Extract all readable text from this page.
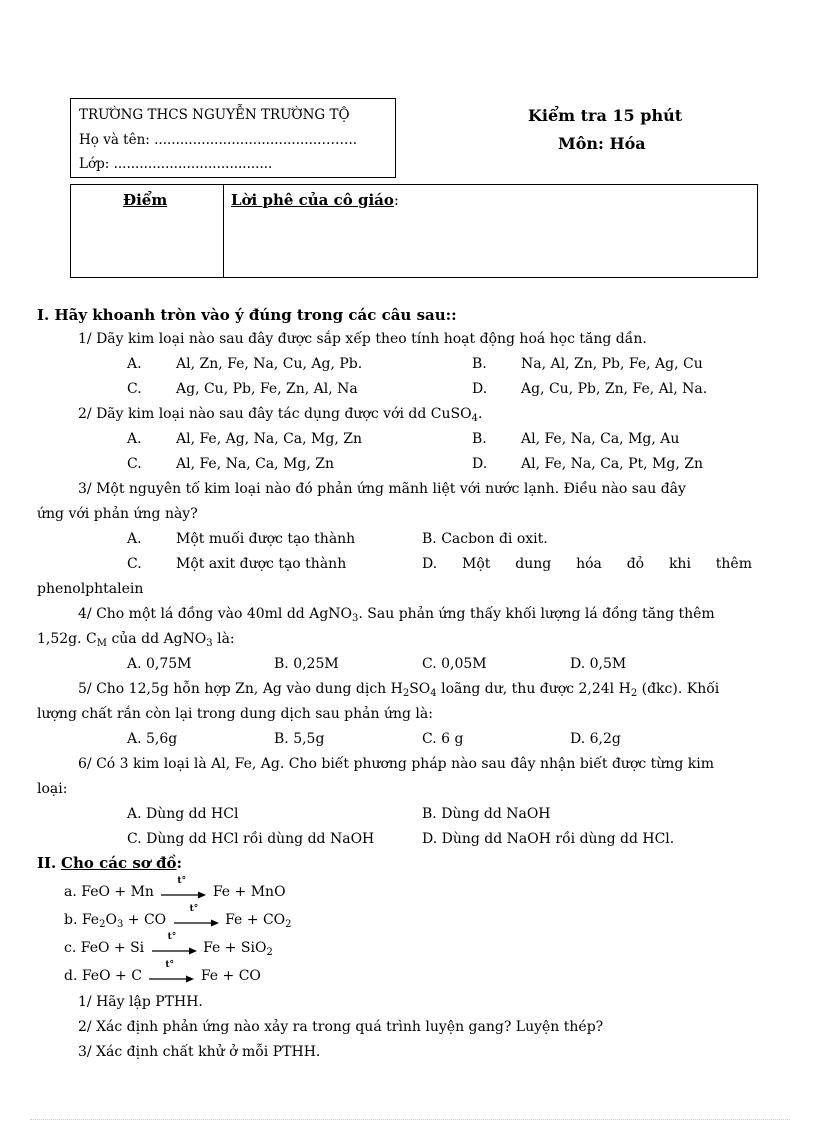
TRƯỜNG THCS NGUYỄN TRƯỜNG TỘ
Họ và tên: .......................................……..
Lớp: .....................................
Kiểm tra 15 phút
Môn: Hóa
Điểm	Lời phê của cô giáo:
I. Hãy khoanh tròn vào ý đúng trong các câu sau::
1/ Dãy kim loại nào sau đây được sắp xếp theo tính hoạt động hoá học tăng dần.
A. Al, Zn, Fe, Na, Cu, Ag, Pb.	B. Na, Al, Zn, Pb, Fe, Ag, Cu
C. Ag, Cu, Pb, Fe, Zn, Al, Na	D. Ag, Cu, Pb, Zn, Fe, Al, Na.
2/ Dãy kim loại nào sau đây tác dụng được với dd CuSO$_4$.
A. Al, Fe, Ag, Na, Ca, Mg, Zn	B. Al, Fe, Na, Ca, Mg, Au
C. Al, Fe, Na, Ca, Mg, Zn	D. Al, Fe, Na, Ca, Pt, Mg, Zn
3/ Một nguyên tố kim loại nào đó phản ứng mãnh liệt với nước lạnh. Điều nào sau đây
ứng với phản ứng này?
A. Một muối được tạo thành	B. Cacbon đi oxit.
C. Một axit được tạo thành	D. Một dung hóa đỏ khi thêm
phenolphtalein
4/ Cho một lá đồng vào 40ml dd AgNO$_3$. Sau phản ứng thấy khối lượng lá đồng tăng thêm
1,52g. $C_M$ của dd AgNO$_3$ là:
A. 0,75M	B. 0,25M	C. 0,05M	D. 0,5M
5/ Cho 12,5g hỗn hợp Zn, Ag vào dung dịch $H_2SO_4$ loãng dư, thu được 2,24l $H_2$ (đkc). Khối
lượng chất rắn còn lại trong dung dịch sau phản ứng là:
A. 5,6g	B. 5,5g	C. 6 g	D. 6,2g
6/ Có 3 kim loại là Al, Fe, Ag. Cho biết phương pháp nào sau đây nhận biết được từng kim
loại:
A. Dùng dd HCl	B. Dùng dd NaOH
C. Dùng dd HCl rồi dùng dd NaOH	D. Dùng dd NaOH rồi dùng dd HCl.
II. Cho các sơ đồ:
a. FeO + Mn
t°
Fe + MnO
b. $Fe_2O_3$ + CO
t°
$Fe + CO_2$
c. FeO + Si
t°
Fe + SiO$_2$
d. FeO + C
t°
Fe + CO
1/ Hãy lập PTHH.
2/ Xác định phản ứng nào xảy ra trong quá trình luyện gang? Luyện thép?
3/ Xác định chất khử ở mỗi PTHH.
